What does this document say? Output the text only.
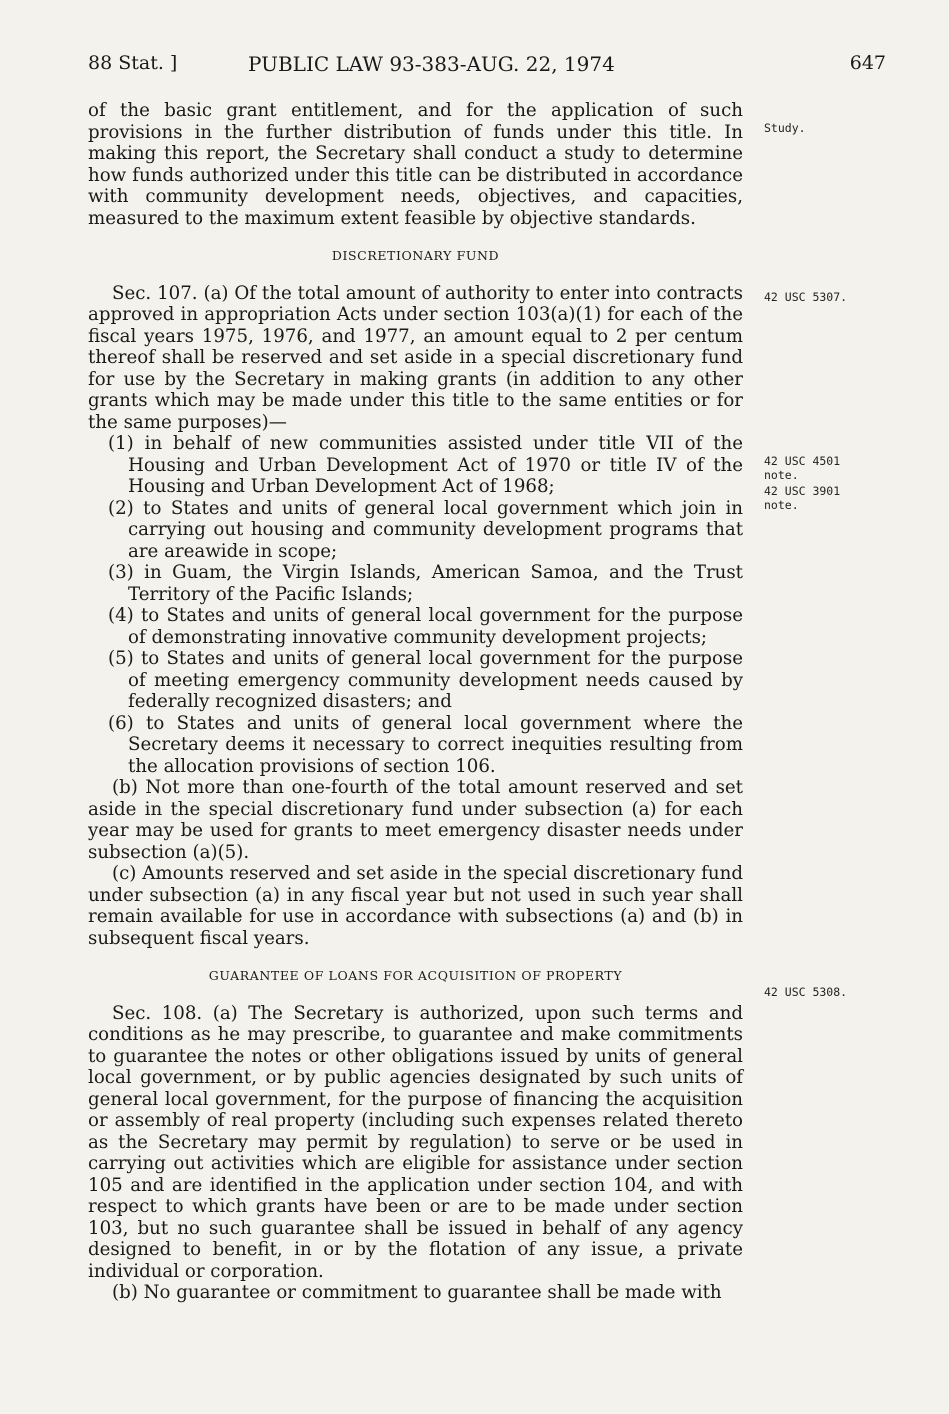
88 Stat. ]	PUBLIC LAW 93-383-AUG. 22, 1974	647

of the basic grant entitlement, and for the application of such provisions in the further distribution of funds under this title. In making this report, the Secretary shall conduct a study to determine how funds authorized under this title can be distributed in accordance with community development needs, objectives, and capacities, measured to the maximum extent feasible by objective standards.

DISCRETIONARY FUND

Sec. 107. (a) Of the total amount of authority to enter into contracts approved in appropriation Acts under section 103(a)(1) for each of the fiscal years 1975, 1976, and 1977, an amount equal to 2 per centum thereof shall be reserved and set aside in a special discretionary fund for use by the Secretary in making grants (in addition to any other grants which may be made under this title to the same entities or for the same purposes)—

(1) in behalf of new communities assisted under title VII of the Housing and Urban Development Act of 1970 or title IV of the Housing and Urban Development Act of 1968;

(2) to States and units of general local government which join in carrying out housing and community development programs that are areawide in scope;

(3) in Guam, the Virgin Islands, American Samoa, and the Trust Territory of the Pacific Islands;

(4) to States and units of general local government for the purpose of demonstrating innovative community development projects;

(5) to States and units of general local government for the purpose of meeting emergency community development needs caused by federally recognized disasters; and

(6) to States and units of general local government where the Secretary deems it necessary to correct inequities resulting from the allocation provisions of section 106.

(b) Not more than one-fourth of the total amount reserved and set aside in the special discretionary fund under subsection (a) for each year may be used for grants to meet emergency disaster needs under subsection (a)(5).

(c) Amounts reserved and set aside in the special discretionary fund under subsection (a) in any fiscal year but not used in such year shall remain available for use in accordance with subsections (a) and (b) in subsequent fiscal years.

GUARANTEE OF LOANS FOR ACQUISITION OF PROPERTY

Sec. 108. (a) The Secretary is authorized, upon such terms and conditions as he may prescribe, to guarantee and make commitments to guarantee the notes or other obligations issued by units of general local government, or by public agencies designated by such units of general local government, for the purpose of financing the acquisition or assembly of real property (including such expenses related thereto as the Secretary may permit by regulation) to serve or be used in carrying out activities which are eligible for assistance under section 105 and are identified in the application under section 104, and with respect to which grants have been or are to be made under section 103, but no such guarantee shall be issued in behalf of any agency designed to benefit, in or by the flotation of any issue, a private individual or corporation.

(b) No guarantee or commitment to guarantee shall be made with

Study.
42 USC 5307.
42 USC 4501 note.
42 USC 3901 note.
42 USC 5308.
